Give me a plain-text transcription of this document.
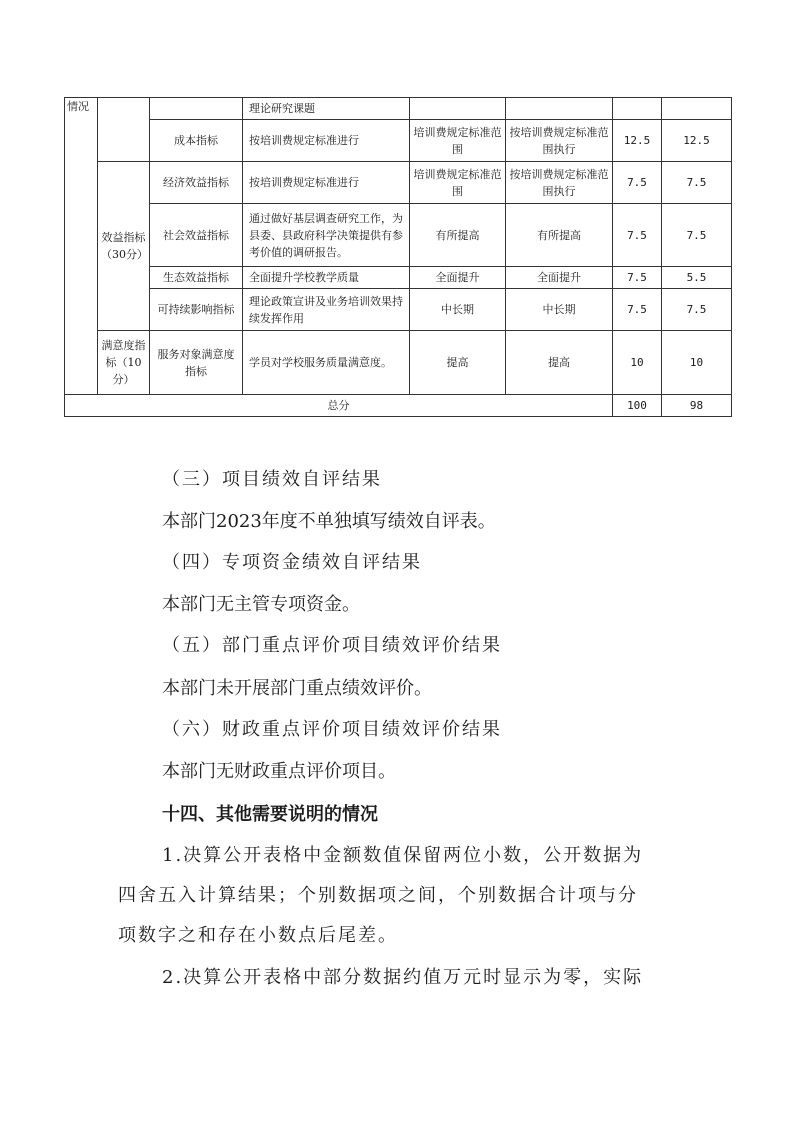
情况			理论研究课题				
		成本指标	按培训费规定标准进行	培训费规定标准范围	按培训费规定标准范围执行	12.5	12.5
	效益指标（30分）	经济效益指标	按培训费规定标准进行	培训费规定标准范围	按培训费规定标准范围执行	7.5	7.5
		社会效益指标	通过做好基层调查研究工作，为县委、县政府科学决策提供有参考价值的调研报告。	有所提高	有所提高	7.5	7.5
		生态效益指标	全面提升学校教学质量	全面提升	全面提升	7.5	5.5
		可持续影响指标	理论政策宣讲及业务培训效果持续发挥作用	中长期	中长期	7.5	7.5
	满意度指标（10分）	服务对象满意度指标	学员对学校服务质量满意度。	提高	提高	10	10
总分						100	98
（三）项目绩效自评结果
本部门2023年度不单独填写绩效自评表。
（四）专项资金绩效自评结果
本部门无主管专项资金。
（五）部门重点评价项目绩效评价结果
本部门未开展部门重点绩效评价。
（六）财政重点评价项目绩效评价结果
本部门无财政重点评价项目。
十四、其他需要说明的情况
1.决算公开表格中金额数值保留两位小数，公开数据为
四舍五入计算结果；个别数据项之间，个别数据合计项与分
项数字之和存在小数点后尾差。
2.决算公开表格中部分数据约值万元时显示为零，实际
